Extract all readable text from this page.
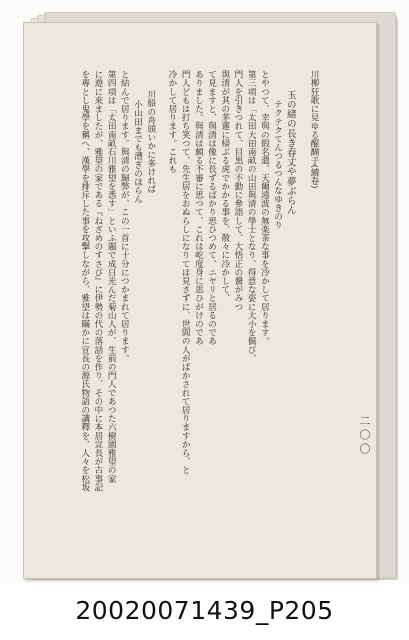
二〇〇
川柳狂歌に見ゆる醍醐子(續卷)
玉の緒の長き春丈や夢ぶらん
テクテクてんつるつんなゆきのり
とやつて、幸與の假名遣、天爾遠波の無楽茶な事を冷かして居ります。
第三項は「太田大田南畝の山田與清の學士となり、得意な姿に大小を佩び、
門人を引きつれて、目黒の不動に參詣して、大悟正の醤がみつ
與清が其の茅蓮に帰ぶる虎でかかる事を、散々に冷かして、
て見ますと、與清は像に長ずるばかり思ひつめて、ニヤリと居るのであ
ありました。與清は頗る不審に思つて、これは屹度身に思ひがけのであ
門人どもは打ち笑つて、先生居をおぬらしになりては見さずに、世間の人がばかされて居りますから、と
冷かして居ります。これも
川船の舟頭いかに多ければ
小山田までも漕ぎのほらん
と結んで居ります。與清の歸弊が、この一首に十分につかまれて居ります。
第四項は「太田南畝石川雅望を悉す」といふ題で成日光んだ菊山人が、生前の門人であつた六樹園雅望の家
に遊に來ましたが、雅望の家である『ねざめのすさび』に伊勢の代の落話を作り、その中に本居宣長が古事記
を專とし鬼學を稱へ、漢學を排斥した事を攻撃しながら、雅望は瞞かに宣長の源氏物語の講釋を、人々を松坂
20020071439_P205
